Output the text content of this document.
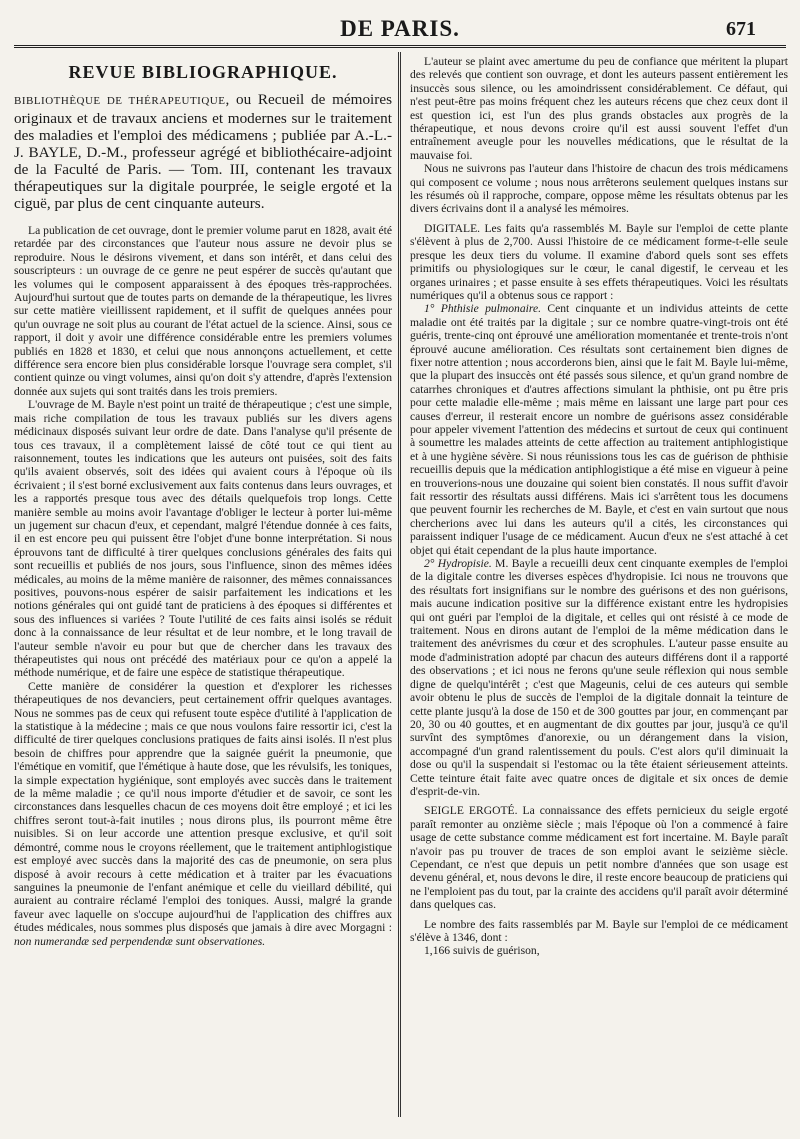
DE PARIS.	671
REVUE BIBLIOGRAPHIQUE.

BIBLIOTHÈQUE DE THÉRAPEUTIQUE, ou Recueil de mémoires originaux et de travaux anciens et modernes sur le traitement des maladies et l'emploi des médicamens ; publiée par A.-L.-J. BAYLE, D.-M., professeur agrégé et bibliothécaire-adjoint de la Faculté de Paris. — Tom. III, contenant les travaux thérapeutiques sur la digitale pourprée, le seigle ergoté et la ciguë, par plus de cent cinquante auteurs.

La publication de cet ouvrage, dont le premier volume parut en 1828, avait été retardée par des circonstances que l'auteur nous assure ne devoir plus se reproduire. Nous le désirons vivement, et dans son intérêt, et dans celui des souscripteurs : un ouvrage de ce genre ne peut espérer de succès qu'autant que les volumes qui le composent apparaissent à des époques très-rapprochées. Aujourd'hui surtout que de toutes parts on demande de la thérapeutique, les livres sur cette matière vieillissent rapidement, et il suffit de quelques années pour qu'un ouvrage ne soit plus au courant de l'état actuel de la science. Ainsi, sous ce rapport, il doit y avoir une différence considérable entre les premiers volumes publiés en 1828 et 1830, et celui que nous annonçons actuellement, et cette différence sera encore bien plus considérable lorsque l'ouvrage sera complet, s'il contient quinze ou vingt volumes, ainsi qu'on doit s'y attendre, d'après l'extension donnée aux sujets qui sont traités dans les trois premiers.

L'ouvrage de M. Bayle n'est point un traité de thérapeutique ; c'est une simple, mais riche compilation de tous les travaux publiés sur les divers agens médicinaux disposés suivant leur ordre de date. Dans l'analyse qu'il présente de tous ces travaux, il a complètement laissé de côté tout ce qui tient au raisonnement, toutes les indications que les auteurs ont puisées, soit des faits qu'ils avaient observés, soit des idées qui avaient cours à l'époque où ils écrivaient ; il s'est borné exclusivement aux faits contenus dans leurs ouvrages, et les a rapportés presque tous avec des détails quelquefois trop longs. Cette manière semble au moins avoir l'avantage d'obliger le lecteur à porter lui-même un jugement sur chacun d'eux, et cependant, malgré l'étendue donnée à ces faits, il en est encore peu qui puissent être l'objet d'une bonne interprétation. Si nous éprouvons tant de difficulté à tirer quelques conclusions générales des faits qui sont recueillis et publiés de nos jours, sous l'influence, sinon des mêmes idées médicales, au moins de la même manière de raisonner, des mêmes connaissances positives, pouvons-nous espérer de saisir parfaitement les indications et les notions générales qui ont guidé tant de praticiens à des époques si différentes et sous des influences si variées ? Toute l'utilité de ces faits ainsi isolés se réduit donc à la connaissance de leur résultat et de leur nombre, et le long travail de l'auteur semble n'avoir eu pour but que de chercher dans les travaux des thérapeutistes qui nous ont précédé des matériaux pour ce qu'on a appelé la méthode numérique, et de faire une espèce de statistique thérapeutique.

Cette manière de considérer la question et d'explorer les richesses thérapeutiques de nos devanciers, peut certainement offrir quelques avantages. Nous ne sommes pas de ceux qui refusent toute espèce d'utilité à l'application de la statistique à la médecine ; mais ce que nous voulons faire ressortir ici, c'est la difficulté de tirer quelques conclusions pratiques de faits ainsi isolés. Il n'est plus besoin de chiffres pour apprendre que la saignée guérit la pneumonie, que l'émétique en vomitif, que l'émétique à haute dose, que les révulsifs, les toniques, la simple expectation hygiénique, sont employés avec succès dans le traitement de la même maladie ; ce qu'il nous importe d'étudier et de savoir, ce sont les circonstances dans lesquelles chacun de ces moyens doit être employé ; et ici les chiffres seront tout-à-fait inutiles ; nous dirons plus, ils pourront même être nuisibles. Si on leur accorde une attention presque exclusive, et qu'il soit démontré, comme nous le croyons réellement, que le traitement antiphlogistique est employé avec succès dans la majorité des cas de pneumonie, on sera plus disposé à avoir recours à cette médication et à traiter par les évacuations sanguines la pneumonie de l'enfant anémique et celle du vieillard débilité, qui auraient au contraire réclamé l'emploi des toniques. Aussi, malgré la grande faveur avec laquelle on s'occupe aujourd'hui de l'application des chiffres aux études médicales, nous sommes plus disposés que jamais à dire avec Morgagni : non numerandæ sed perpendendæ sunt observationes.

L'auteur se plaint avec amertume du peu de confiance que méritent la plupart des relevés que contient son ouvrage, et dont les auteurs passent entièrement les insuccès sous silence, ou les amoindrissent considérablement. Ce défaut, qui n'est peut-être pas moins fréquent chez les auteurs récens que chez ceux dont il est question ici, est l'un des plus grands obstacles aux progrès de la thérapeutique, et nous devons croire qu'il est aussi souvent l'effet d'un entraînement aveugle pour les nouvelles médications, que le résultat de la mauvaise foi.

Nous ne suivrons pas l'auteur dans l'histoire de chacun des trois médicamens qui composent ce volume ; nous nous arrêterons seulement quelques instans sur les résumés où il rapproche, compare, oppose même les résultats obtenus par les divers écrivains dont il a analysé les mémoires.

DIGITALE. Les faits qu'a rassemblés M. Bayle sur l'emploi de cette plante s'élèvent à plus de 2,700. Aussi l'histoire de ce médicament forme-t-elle seule presque les deux tiers du volume. Il examine d'abord quels sont ses effets primitifs ou physiologiques sur le cœur, le canal digestif, le cerveau et les organes urinaires ; et passe ensuite à ses effets thérapeutiques. Voici les résultats numériques qu'il a obtenus sous ce rapport :

1° Phthisie pulmonaire. Cent cinquante et un individus atteints de cette maladie ont été traités par la digitale ; sur ce nombre quatre-vingt-trois ont été guéris, trente-cinq ont éprouvé une amélioration momentanée et trente-trois n'ont éprouvé aucune amélioration. Ces résultats sont certainement bien dignes de fixer notre attention ; nous accorderons bien, ainsi que le fait M. Bayle lui-même, que la plupart des insuccès ont été passés sous silence, et qu'un grand nombre de catarrhes chroniques et d'autres affections simulant la phthisie, ont pu être pris pour cette maladie elle-même ; mais même en laissant une large part pour ces causes d'erreur, il resterait encore un nombre de guérisons assez considérable pour appeler vivement l'attention des médecins et surtout de ceux qui continuent à soumettre les malades atteints de cette affection au traitement antiphlogistique et à une hygiène sévère. Si nous réunissions tous les cas de guérison de phthisie recueillis depuis que la médication antiphlogistique a été mise en vigueur à peine en trouverions-nous une douzaine qui soient bien constatés. Il nous suffit d'avoir fait ressortir des résultats aussi différens. Mais ici s'arrêtent tous les documens que peuvent fournir les recherches de M. Bayle, et c'est en vain surtout que nous chercherions avec lui dans les auteurs qu'il a cités, les circonstances qui paraissent indiquer l'usage de ce médicament. Aucun d'eux ne s'est attaché à cet objet qui était cependant de la plus haute importance.

2° Hydropisie. M. Bayle a recueilli deux cent cinquante exemples de l'emploi de la digitale contre les diverses espèces d'hydropisie. Ici nous ne trouvons que des résultats fort insignifians sur le nombre des guérisons et des non guérisons, mais aucune indication positive sur la différence existant entre les hydropisies qui ont guéri par l'emploi de la digitale, et celles qui ont résisté à ce mode de traitement. Nous en dirons autant de l'emploi de la même médication dans le traitement des anévrismes du cœur et des scrophules. L'auteur passe ensuite au mode d'administration adopté par chacun des auteurs différens dont il a rapporté des observations ; et ici nous ne ferons qu'une seule réflexion qui nous semble digne de quelqu'intérêt ; c'est que Mageunis, celui de ces auteurs qui semble avoir obtenu le plus de succès de l'emploi de la digitale donnait la teinture de cette plante jusqu'à la dose de 150 et de 300 gouttes par jour, en commençant par 20, 30 ou 40 gouttes, et en augmentant de dix gouttes par jour, jusqu'à ce qu'il survînt des symptômes d'anorexie, ou un dérangement dans la vision, accompagné d'un grand ralentissement du pouls. C'est alors qu'il diminuait la dose ou qu'il la suspendait si l'estomac ou la tête étaient sérieusement atteints. Cette teinture était faite avec quatre onces de digitale et six onces de demie d'esprit-de-vin.

SEIGLE ERGOTÉ. La connaissance des effets pernicieux du seigle ergoté paraît remonter au onzième siècle ; mais l'époque où l'on a commencé à faire usage de cette substance comme médicament est fort incertaine. M. Bayle paraît n'avoir pas pu trouver de traces de son emploi avant le seizième siècle. Cependant, ce n'est que depuis un petit nombre d'années que son usage est devenu général, et, nous devons le dire, il reste encore beaucoup de praticiens qui ne l'emploient pas du tout, par la crainte des accidens qu'il paraît avoir déterminé dans quelques cas.

Le nombre des faits rassemblés par M. Bayle sur l'emploi de ce médicament s'élève à 1346, dont :

1,166 suivis de guérison,
